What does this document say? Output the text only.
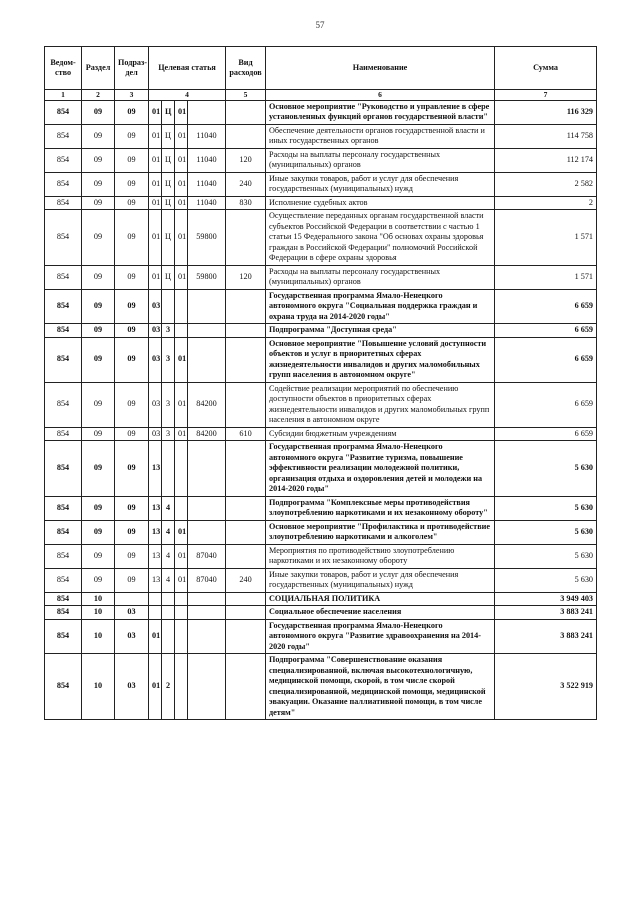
57
Ведом-ство	Раздел	Подраз-дел	Целевая статья				Вид расходов	Наименование	Сумма
1	2	3	4				5	6	7
854	09	09	01	Ц	01			Основное мероприятие "Руководство и управление в сфере установленных функций органов государственной власти"	116 329
854	09	09	01	Ц	01	11040		Обеспечение деятельности органов государственной власти и иных государственных органов	114 758
854	09	09	01	Ц	01	11040	120	Расходы на выплаты персоналу государственных (муниципальных) органов	112 174
854	09	09	01	Ц	01	11040	240	Иные закупки товаров, работ и услуг для обеспечения государственных (муниципальных) нужд	2 582
854	09	09	01	Ц	01	11040	830	Исполнение судебных актов	2
854	09	09	01	Ц	01	59800		Осуществление переданных органам государственной власти субъектов Российской Федерации в соответствии с частью 1 статьи 15 Федерального закона "Об основах охраны здоровья граждан в Российской Федерации" полномочий Российской Федерации в сфере охраны здоровья	1 571
854	09	09	01	Ц	01	59800	120	Расходы на выплаты персоналу государственных (муниципальных) органов	1 571
854	09	09	03					Государственная программа Ямало-Ненецкого автономного округа "Социальная поддержка граждан и охрана труда на 2014-2020 годы"	6 659
854	09	09	03	3				Подпрограмма "Доступная среда"	6 659
854	09	09	03	3	01			Основное мероприятие "Повышение условий доступности объектов и услуг в приоритетных сферах жизнедеятельности инвалидов и других маломобильных групп населения в автономном округе"	6 659
854	09	09	03	3	01	84200		Содействие реализации мероприятий по обеспечению доступности объектов в приоритетных сферах жизнедеятельности инвалидов и других маломобильных групп населения в автономном округе	6 659
854	09	09	03	3	01	84200	610	Субсидии бюджетным учреждениям	6 659
854	09	09	13					Государственная программа Ямало-Ненецкого автономного округа "Развитие туризма, повышение эффективности реализации молодежной политики, организация отдыха и оздоровления детей и молодежи на 2014-2020 годы"	5 630
854	09	09	13	4				Подпрограмма "Комплексные меры противодействия злоупотреблению наркотиками и их незаконному обороту"	5 630
854	09	09	13	4	01			Основное мероприятие "Профилактика и противодействие злоупотреблению наркотиками и алкоголем"	5 630
854	09	09	13	4	01	87040		Мероприятия по противодействию злоупотреблению наркотиками и их незаконному обороту	5 630
854	09	09	13	4	01	87040	240	Иные закупки товаров, работ и услуг для обеспечения государственных (муниципальных) нужд	5 630
854	10							СОЦИАЛЬНАЯ ПОЛИТИКА	3 949 403
854	10	03						Социальное обеспечение населения	3 883 241
854	10	03	01					Государственная программа Ямало-Ненецкого автономного округа "Развитие здравоохранения на 2014-2020 годы"	3 883 241
854	10	03	01	2				Подпрограмма "Совершенствование оказания специализированной, включая высокотехнологичную, медицинской помощи, скорой, в том числе скорой специализированной, медицинской помощи, медицинской эвакуации. Оказание паллиативной помощи, в том числе детям"	3 522 919
